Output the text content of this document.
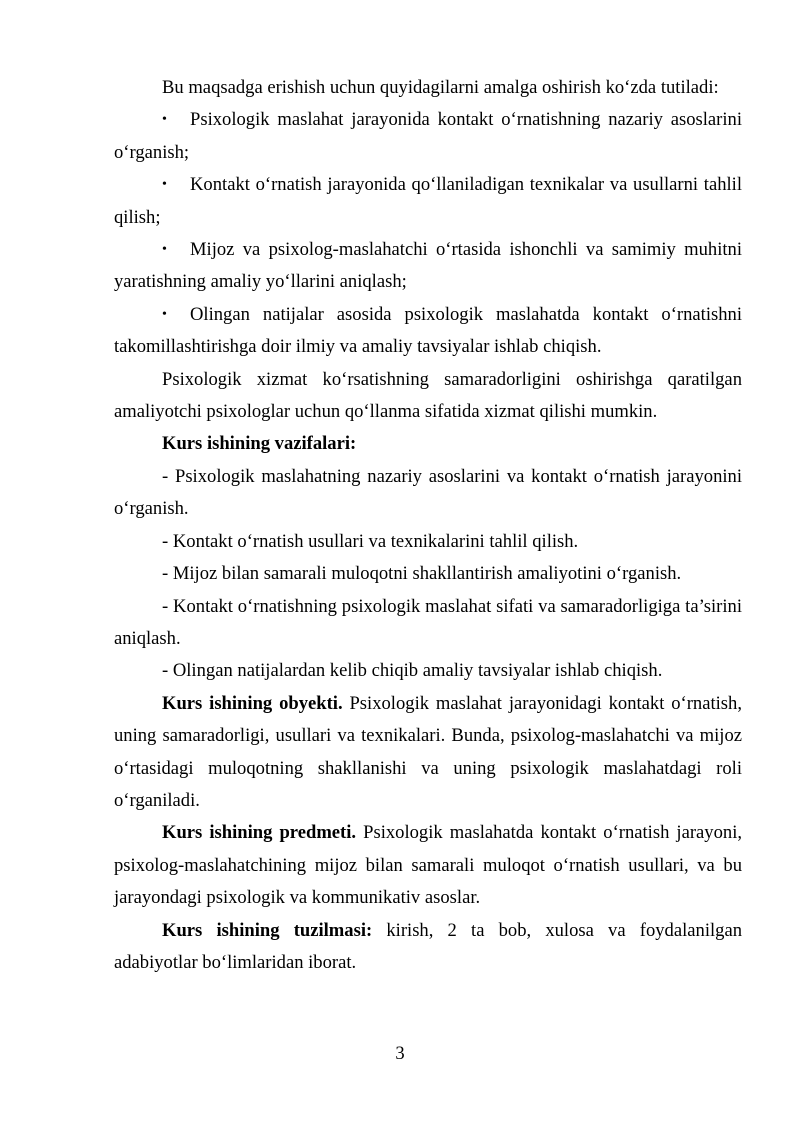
Bu maqsadga erishish uchun quyidagilarni amalga oshirish ko‘zda tutiladi:

•	Psixologik maslahat jarayonida kontakt o‘rnatishning nazariy asoslarini o‘rganish;
•	Kontakt o‘rnatish jarayonida qo‘llaniladigan texnikalar va usullarni tahlil qilish;
•	Mijoz va psixolog-maslahatchi o‘rtasida ishonchli va samimiy muhitni yaratishning amaliy yo‘llarini aniqlash;
•	Olingan natijalar asosida psixologik maslahatda kontakt o‘rnatishni takomillashtirishga doir ilmiy va amaliy tavsiyalar ishlab chiqish.

Psixologik xizmat ko‘rsatishning samaradorligini oshirishga qaratilgan amaliyotchi psixologlar uchun qo‘llanma sifatida xizmat qilishi mumkin.

Kurs ishining vazifalari:

- Psixologik maslahatning nazariy asoslarini va kontakt o‘rnatish jarayonini o‘rganish.
- Kontakt o‘rnatish usullari va texnikalarini tahlil qilish.
- Mijoz bilan samarali muloqotni shakllantirish amaliyotini o‘rganish.
- Kontakt o‘rnatishning psixologik maslahat sifati va samaradorligiga ta’sirini aniqlash.
- Olingan natijalardan kelib chiqib amaliy tavsiyalar ishlab chiqish.

Kurs ishining obyekti. Psixologik maslahat jarayonidagi kontakt o‘rnatish, uning samaradorligi, usullari va texnikalari. Bunda, psixolog-maslahatchi va mijoz o‘rtasidagi muloqotning shakllanishi va uning psixologik maslahatdagi roli o‘rganiladi.

Kurs ishining predmeti. Psixologik maslahatda kontakt o‘rnatish jarayoni, psixolog-maslahatchining mijoz bilan samarali muloqot o‘rnatish usullari, va bu jarayondagi psixologik va kommunikativ asoslar.

Kurs ishining tuzilmasi: kirish, 2 ta bob, xulosa va foydalanilgan adabiyotlar bo‘limlaridan iborat.

3
